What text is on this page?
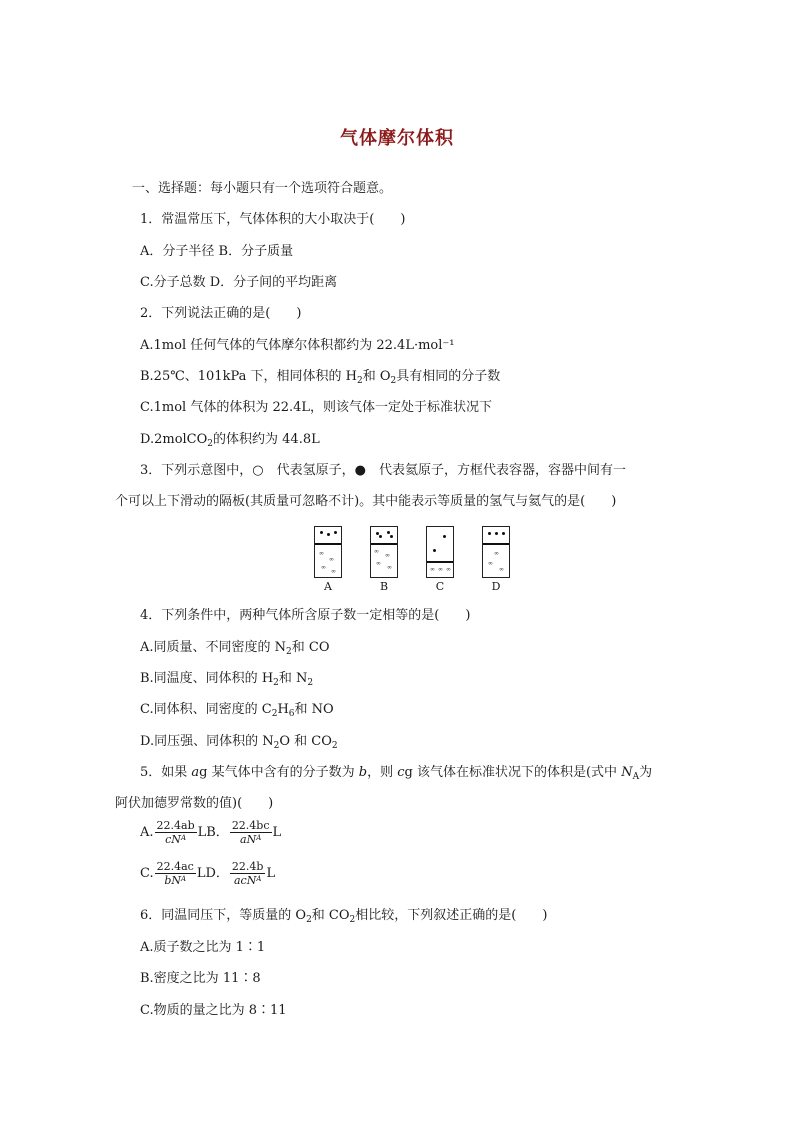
气体摩尔体积
一、选择题：每小题只有一个选项符合题意。
1．常温常压下，气体体积的大小取决于(　　)
A．分子半径 B．分子质量
C.分子总数 D．分子间的平均距离
2．下列说法正确的是(　　)
A.1mol 任何气体的气体摩尔体积都约为 22.4L·mol⁻¹
B.25℃、101kPa 下，相同体积的 $H_2$和 $O_2$具有相同的分子数
C.1mol 气体的体积为 22.4L，则该气体一定处于标准状况下
D.2molCO$_2$的体积约为 44.8L
3．下列示意图中，○　代表氢原子，●　代表氦原子，方框代表容器，容器中间有一
个可以上下滑动的隔板(其质量可忽略不计)。其中能表示等质量的氢气与氦气的是(　　)
∞
∞
∞
∞
A
∞
∞
∞
∞
B
∞ ∞ ∞
C
∞
∞
∞
D
4．下列条件中，两种气体所含原子数一定相等的是(　　)
A.同质量、不同密度的 $N_2$和 CO
B.同温度、同体积的 $H_2$和 $N_2$
C.同体积、同密度的 $C_2H_6$和 NO
D.同压强、同体积的 $N_2O$ 和 $CO_2$
5．如果 ag 某气体中含有的分子数为 b，则 cg 该气体在标准状况下的体积是(式中 $N_A$为
阿伏加德罗常数的值)(　　)
A. $\frac{22.4ab}{cN^A}$ LB． $\frac{22.4bc}{aN^A}$ L
C. $\frac{22.4ac}{bN^A}$ LD． $\frac{22.4b}{acN^A}$ L
6．同温同压下，等质量的 $O_2$和 $CO_2$相比较，下列叙述正确的是(　　)
A.质子数之比为 1∶1
B.密度之比为 11∶8
C.物质的量之比为 8∶11
